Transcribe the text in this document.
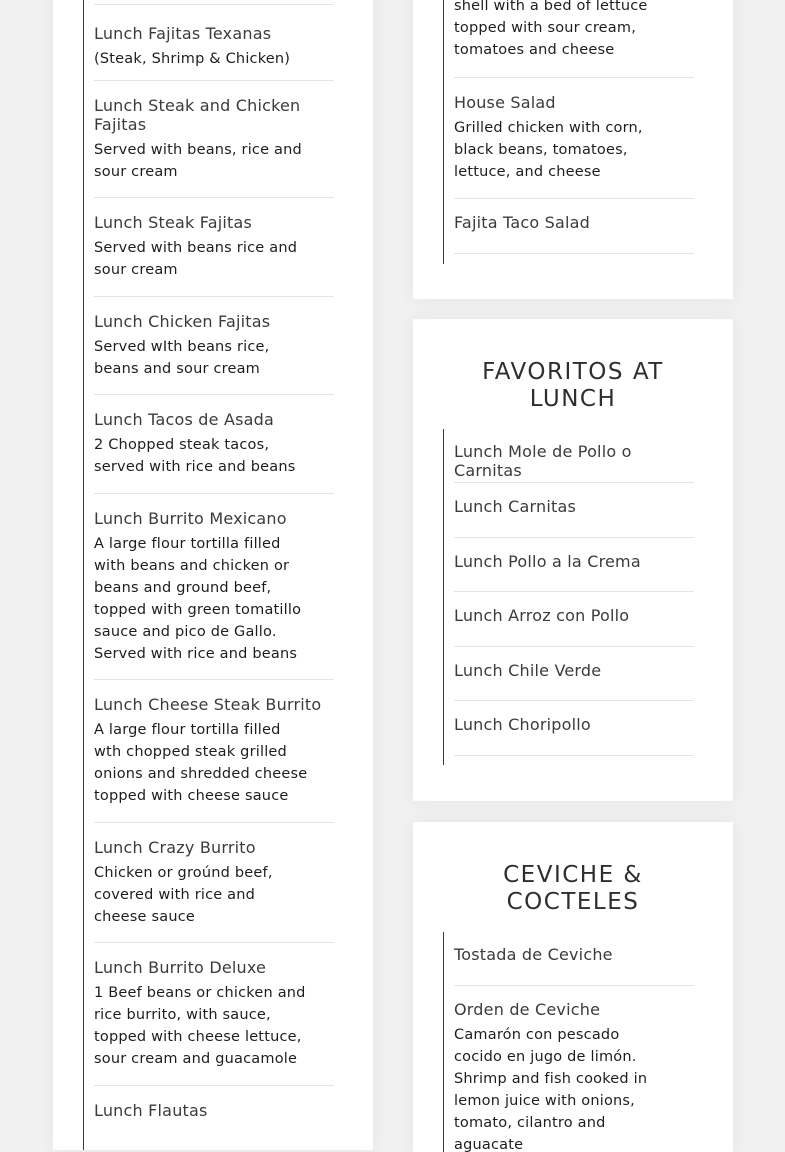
Lunch Fajitas Texanas
(Steak, Shrimp & Chicken)
Lunch Steak and Chicken Fajitas
Served with beans, rice and sour cream
Lunch Steak Fajitas
Served with beans rice and sour cream
Lunch Chicken Fajitas
Served wIth beans rice, beans and sour cream
Lunch Tacos de Asada
2 Chopped steak tacos, served with rice and beans
Lunch Burrito Mexicano
A large flour tortilla filled with beans and chicken or beans and ground beef, topped with green tomatillo sauce and pico de Gallo. Served with rice and beans
Lunch Cheese Steak Burrito
A large flour tortilla filled wth chopped steak grilled onions and shredded cheese topped with cheese sauce
Lunch Crazy Burrito
Chicken or groúnd beef, covered with rice and cheese sauce
Lunch Burrito Deluxe
1 Beef beans or chicken and rice burrito, with sauce, topped with cheese lettuce, sour cream and guacamole
Lunch Flautas
shell with a bed of lettuce topped with sour cream, tomatoes and cheese
House Salad
Grilled chicken with corn, black beans, tomatoes, lettuce, and cheese
Fajita Taco Salad
FAVORITOS AT LUNCH
Lunch Mole de Pollo o Carnitas
Lunch Carnitas
Lunch Pollo a la Crema
Lunch Arroz con Pollo
Lunch Chile Verde
Lunch Choripollo
CEVICHE & COCTELES
Tostada de Ceviche
Orden de Ceviche
Camarón con pescado cocido en jugo de limón. Shrimp and fish cooked in lemon juice with onions, tomato, cilantro and aguacate
